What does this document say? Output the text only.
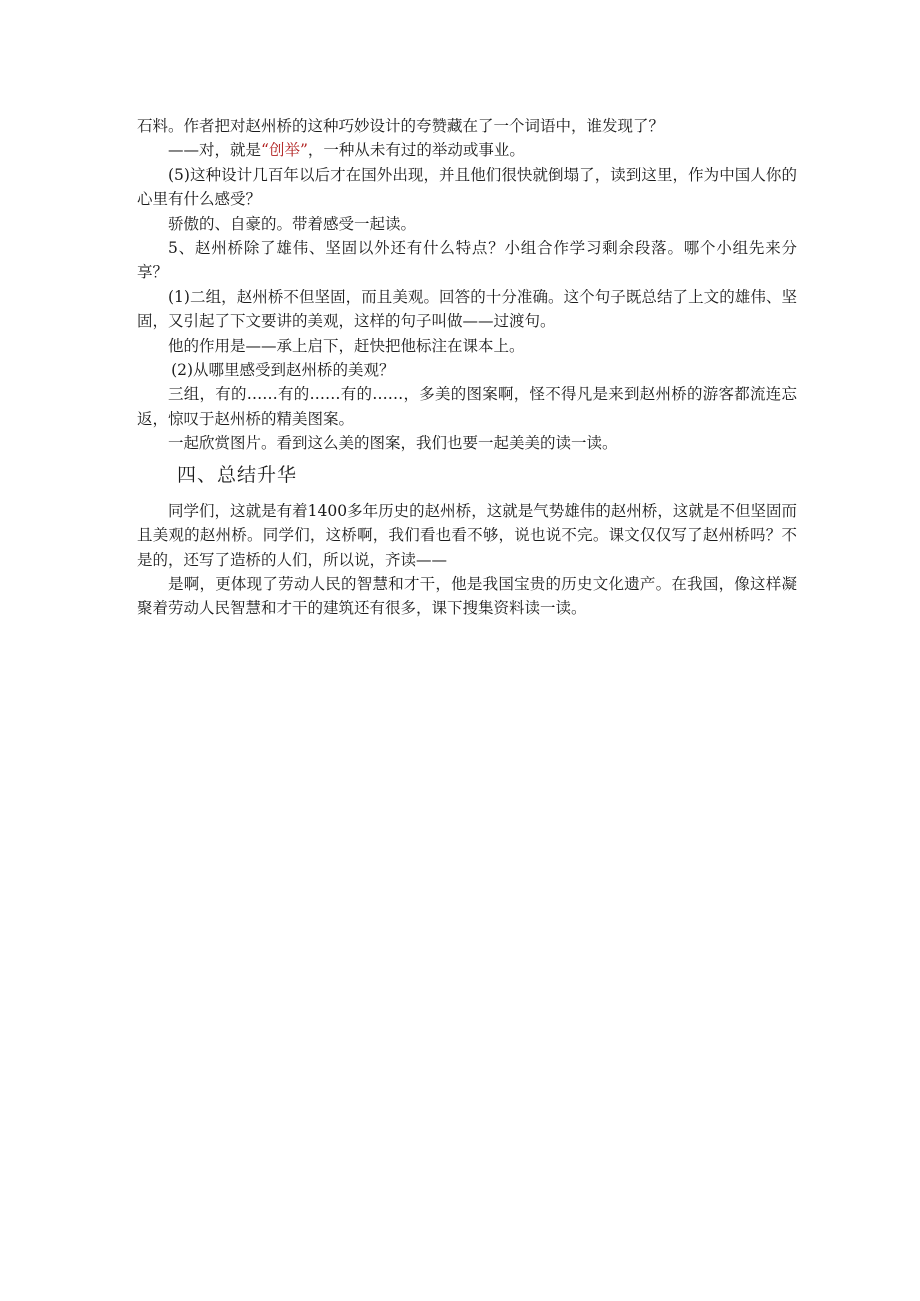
石料。作者把对赵州桥的这种巧妙设计的夸赞藏在了一个词语中，谁发现了？

——对，就是“创举”，一种从未有过的举动或事业。

(5)这种设计几百年以后才在国外出现，并且他们很快就倒塌了，读到这里，作为中国人你的心里有什么感受？

骄傲的、自豪的。带着感受一起读。

5、赵州桥除了雄伟、坚固以外还有什么特点？小组合作学习剩余段落。哪个小组先来分享？

(1)二组，赵州桥不但坚固，而且美观。回答的十分准确。这个句子既总结了上文的雄伟、坚固，又引起了下文要讲的美观，这样的句子叫做——过渡句。

他的作用是——承上启下，赶快把他标注在课本上。

(2)从哪里感受到赵州桥的美观？

三组，有的……有的……有的……，多美的图案啊，怪不得凡是来到赵州桥的游客都流连忘返，惊叹于赵州桥的精美图案。

一起欣赏图片。看到这么美的图案，我们也要一起美美的读一读。

四、总结升华

同学们，这就是有着1400多年历史的赵州桥，这就是气势雄伟的赵州桥，这就是不但坚固而且美观的赵州桥。同学们，这桥啊，我们看也看不够，说也说不完。课文仅仅写了赵州桥吗？不是的，还写了造桥的人们，所以说，齐读——

是啊，更体现了劳动人民的智慧和才干，他是我国宝贵的历史文化遗产。在我国，像这样凝聚着劳动人民智慧和才干的建筑还有很多，课下搜集资料读一读。
